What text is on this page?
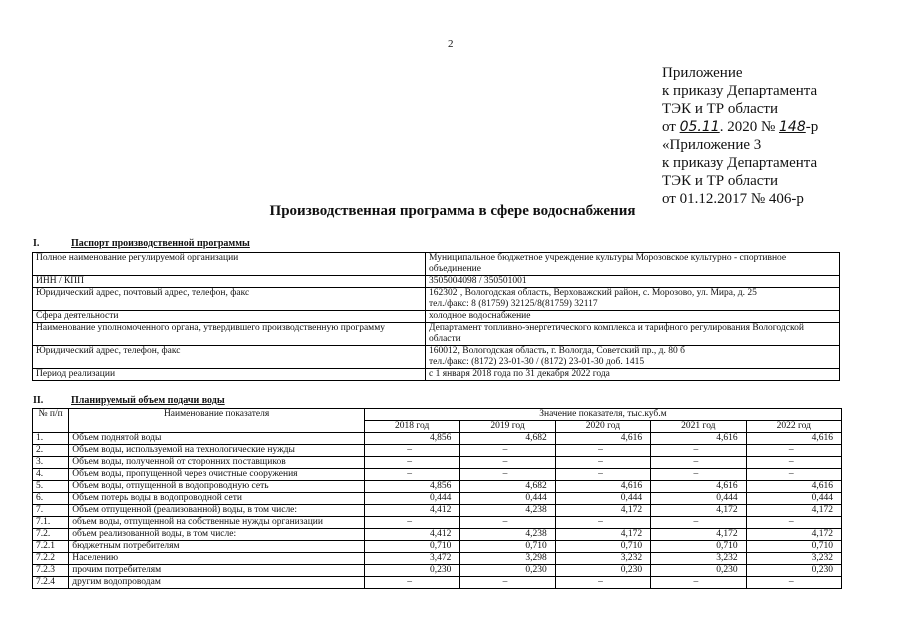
2
Приложение
к приказу Департамента
ТЭК и ТР области
от 05.11. 2020 № 148-р
«Приложение 3
к приказу Департамента
ТЭК и ТР области
от 01.12.2017 № 406-р
Производственная программа в сфере водоснабжения
I.	Паспорт производственной программы
Полное наименование регулируемой организации	Муниципальное бюджетное учреждение культуры Морозовское культурно - спортивное объединение

ИНН / КПП	3505004098 / 350501001

Юридический адрес, почтовый адрес, телефон, факс	162302 , Вологодская область, Верховажский район, с. Морозово, ул. Мира, д. 25
тел./факс: 8 (81759) 32125/8(81759) 32117

Сфера деятельности	холодное водоснабжение

Наименование уполномоченного органа, утвердившего производственную программу	Департамент топливно-энергетического комплекса и тарифного регулирования Вологодской области

Юридический адрес, телефон, факс	160012, Вологодская область, г. Вологда, Советский пр., д. 80 б
тел./факс: (8172) 23-01-30 / (8172) 23-01-30 доб. 1415

Период реализации	с 1 января 2018 года по 31 декабря 2022 года
II.	Планируемый объем подачи воды
№ п/п	Наименование показателя	Значение показателя, тыс.куб.м				
		2018 год	2019 год	2020 год	2021 год	2022 год
1.	Объем поднятой воды	4,856	4,682	4,616	4,616	4,616
2.	Объем воды, используемой на технологические нужды	–	–	–	–	–
3.	Объем воды, полученной от сторонних поставщиков	–	–	–	–	–
4.	Объем воды, пропущенной через очистные сооружения	–	–	–	–	–
5.	Объем воды, отпущенной в водопроводную сеть	4,856	4,682	4,616	4,616	4,616
6.	Объем потерь воды в водопроводной сети	0,444	0,444	0,444	0,444	0,444
7.	Объем отпущенной (реализованной) воды, в том числе:	4,412	4,238	4,172	4,172	4,172
7.1.	объем воды, отпущенной на собственные нужды организации	–	–	–	–	–
7.2.	объем реализованной воды, в том числе:	4,412	4,238	4,172	4,172	4,172
7.2.1	бюджетным потребителям	0,710	0,710	0,710	0,710	0,710
7.2.2	Населению	3,472	3,298	3,232	3,232	3,232
7.2.3	прочим потребителям	0,230	0,230	0,230	0,230	0,230
7.2.4	другим водопроводам	–	–	–	–	–
